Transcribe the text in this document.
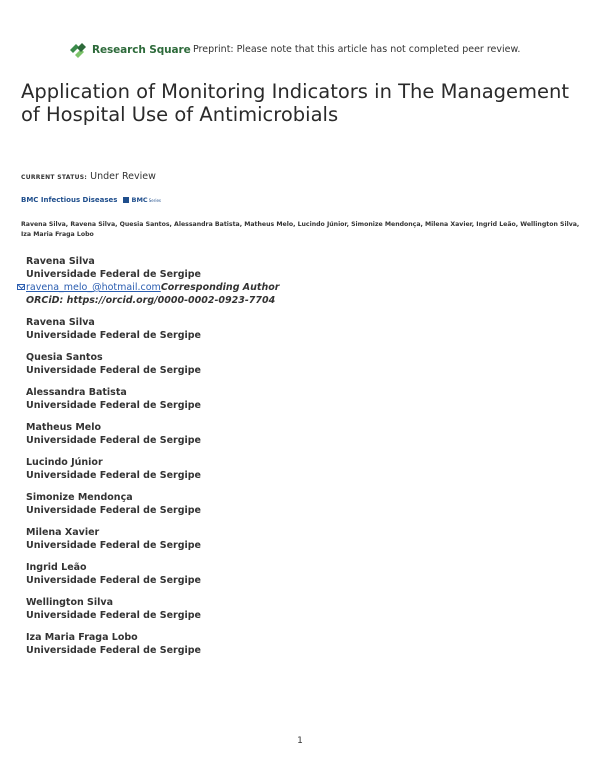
Research Square Preprint: Please note that this article has not completed peer review.
Application of Monitoring Indicators in The Management of Hospital Use of Antimicrobials
CURRENT STATUS: Under Review
BMC Infectious Diseases BMC Series
Ravena Silva, Ravena Silva, Quesia Santos, Alessandra Batista, Matheus Melo, Lucindo Júnior, Simonize Mendonça, Milena Xavier, Ingrid Leão, Wellington Silva, Iza Maria Fraga Lobo
Ravena Silva
Universidade Federal de Sergipe
ravena_melo_@hotmail.comCorresponding Author
ORCiD: https://orcid.org/0000-0002-0923-7704
Ravena Silva
Universidade Federal de Sergipe
Quesia Santos
Universidade Federal de Sergipe
Alessandra Batista
Universidade Federal de Sergipe
Matheus Melo
Universidade Federal de Sergipe
Lucindo Júnior
Universidade Federal de Sergipe
Simonize Mendonça
Universidade Federal de Sergipe
Milena Xavier
Universidade Federal de Sergipe
Ingrid Leão
Universidade Federal de Sergipe
Wellington Silva
Universidade Federal de Sergipe
Iza Maria Fraga Lobo
Universidade Federal de Sergipe
1
